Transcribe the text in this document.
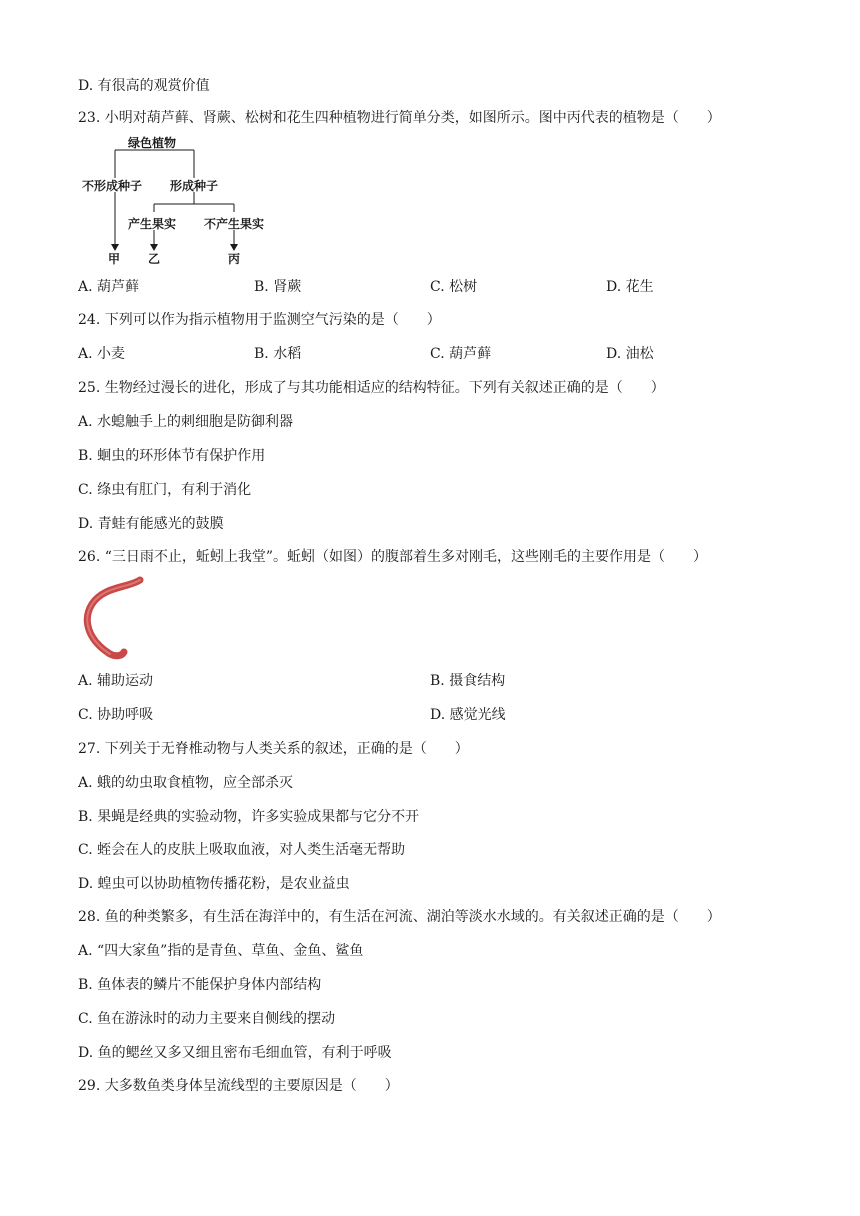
D. 有很高的观赏价值
23. 小明对葫芦藓、肾蕨、松树和花生四种植物进行简单分类，如图所示。图中丙代表的植物是（　　）
绿色植物
不形成种子 形成种子
产生果实 不产生果实
甲 乙	丙
A. 葫芦藓	B. 肾蕨	C. 松树	D. 花生
24. 下列可以作为指示植物用于监测空气污染的是（　　）
A. 小麦	B. 水稻	C. 葫芦藓	D. 油松
25. 生物经过漫长的进化，形成了与其功能相适应的结构特征。下列有关叙述正确的是（　　）
A. 水螅触手上的刺细胞是防御利器
B. 蛔虫的环形体节有保护作用
C. 绦虫有肛门，有利于消化
D. 青蛙有能感光的鼓膜
26. “三日雨不止，蚯蚓上我堂”。蚯蚓（如图）的腹部着生多对刚毛，这些刚毛的主要作用是（　　）
A. 辅助运动	B. 摄食结构
C. 协助呼吸	D. 感觉光线
27. 下列关于无脊椎动物与人类关系的叙述，正确的是（　　）
A. 蛾的幼虫取食植物，应全部杀灭
B. 果蝇是经典的实验动物，许多实验成果都与它分不开
C. 蛭会在人的皮肤上吸取血液，对人类生活毫无帮助
D. 蝗虫可以协助植物传播花粉，是农业益虫
28. 鱼的种类繁多，有生活在海洋中的，有生活在河流、湖泊等淡水水域的。有关叙述正确的是（　　）
A. “四大家鱼”指的是青鱼、草鱼、金鱼、鲨鱼
B. 鱼体表的鳞片不能保护身体内部结构
C. 鱼在游泳时的动力主要来自侧线的摆动
D. 鱼的鳃丝又多又细且密布毛细血管，有利于呼吸
29. 大多数鱼类身体呈流线型的主要原因是（　　）
